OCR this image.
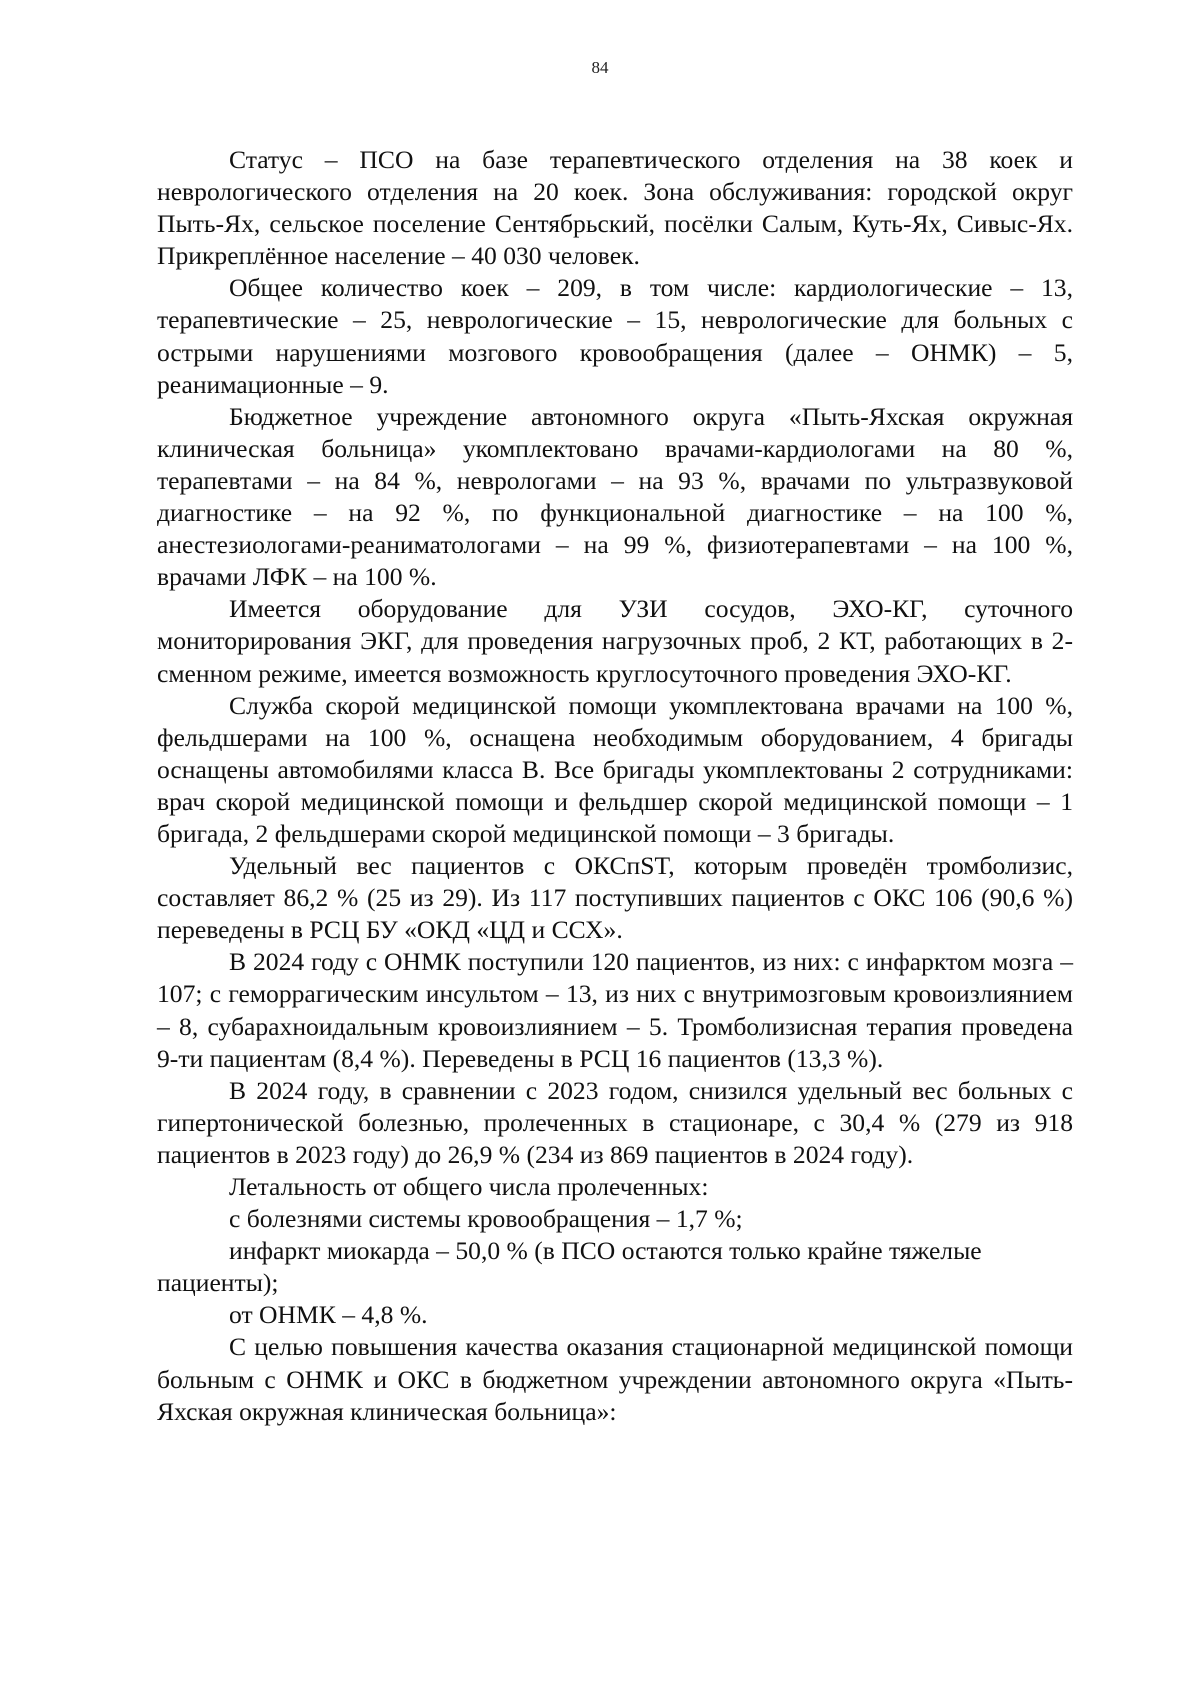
84

Статус – ПСО на базе терапевтического отделения на 38 коек и неврологического отделения на 20 коек. Зона обслуживания: городской округ Пыть-Ях, сельское поселение Сентябрьский, посёлки Салым, Куть-Ях, Сивыс-Ях. Прикреплённое население – 40 030 человек.

Общее количество коек – 209, в том числе: кардиологические – 13, терапевтические – 25, неврологические – 15, неврологические для больных с острыми нарушениями мозгового кровообращения (далее – ОНМК) – 5, реанимационные – 9.

Бюджетное учреждение автономного округа «Пыть-Яхская окружная клиническая больница» укомплектовано врачами-кардиологами на 80 %, терапевтами – на 84 %, неврологами – на 93 %, врачами по ультразвуковой диагностике – на 92 %, по функциональной диагностике – на 100 %, анестезиологами-реаниматологами – на 99 %, физиотерапевтами – на 100 %, врачами ЛФК – на 100 %.

Имеется оборудование для УЗИ сосудов, ЭХО-КГ, суточного мониторирования ЭКГ, для проведения нагрузочных проб, 2 КТ, работающих в 2-сменном режиме, имеется возможность круглосуточного проведения ЭХО-КГ.

Служба скорой медицинской помощи укомплектована врачами на 100 %, фельдшерами на 100 %, оснащена необходимым оборудованием, 4 бригады оснащены автомобилями класса В. Все бригады укомплектованы 2 сотрудниками: врач скорой медицинской помощи и фельдшер скорой медицинской помощи – 1 бригада, 2 фельдшерами скорой медицинской помощи – 3 бригады.

Удельный вес пациентов с ОКСпST, которым проведён тромболизис, составляет 86,2 % (25 из 29). Из 117 поступивших пациентов с ОКС 106 (90,6 %) переведены в РСЦ БУ «ОКД «ЦД и ССХ».

В 2024 году с ОНМК поступили 120 пациентов, из них: с инфарктом мозга – 107; с геморрагическим инсультом – 13, из них с внутримозговым кровоизлиянием – 8, субарахноидальным кровоизлиянием – 5. Тромболизисная терапия проведена 9-ти пациентам (8,4 %). Переведены в РСЦ 16 пациентов (13,3 %).

В 2024 году, в сравнении с 2023 годом, снизился удельный вес больных с гипертонической болезнью, пролеченных в стационаре, с 30,4 % (279 из 918 пациентов в 2023 году) до 26,9 % (234 из 869 пациентов в 2024 году).

Летальность от общего числа пролеченных:

с болезнями системы кровообращения – 1,7 %;

инфаркт миокарда – 50,0 % (в ПСО остаются только крайне тяжелые пациенты);

от ОНМК – 4,8 %.

С целью повышения качества оказания стационарной медицинской помощи больным с ОНМК и ОКС в бюджетном учреждении автономного округа «Пыть-Яхская окружная клиническая больница»:
